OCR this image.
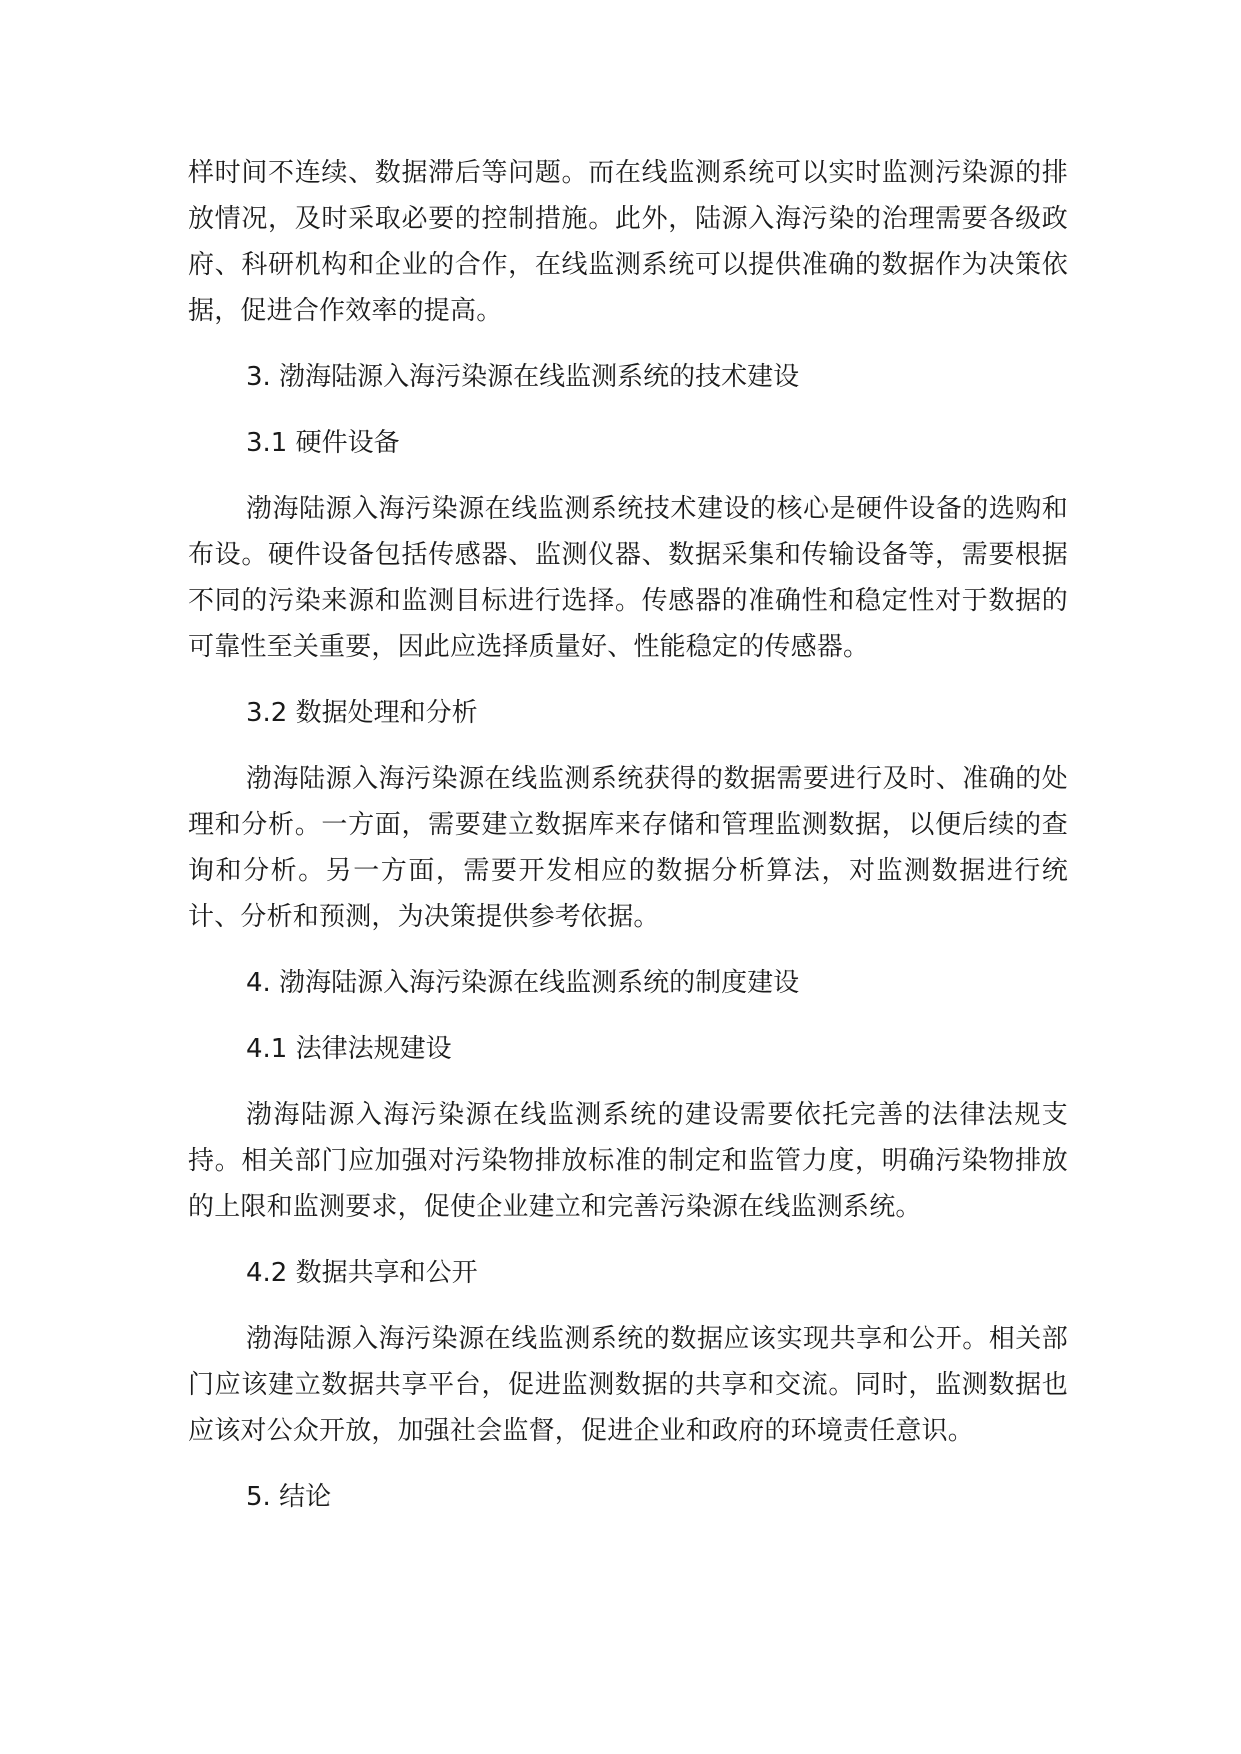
样时间不连续、数据滞后等问题。而在线监测系统可以实时监测污染源的排放情况，及时采取必要的控制措施。此外，陆源入海污染的治理需要各级政府、科研机构和企业的合作，在线监测系统可以提供准确的数据作为决策依据，促进合作效率的提高。

3. 渤海陆源入海污染源在线监测系统的技术建设
3.1 硬件设备

渤海陆源入海污染源在线监测系统技术建设的核心是硬件设备的选购和布设。硬件设备包括传感器、监测仪器、数据采集和传输设备等，需要根据不同的污染来源和监测目标进行选择。传感器的准确性和稳定性对于数据的可靠性至关重要，因此应选择质量好、性能稳定的传感器。

3.2 数据处理和分析

渤海陆源入海污染源在线监测系统获得的数据需要进行及时、准确的处理和分析。一方面，需要建立数据库来存储和管理监测数据，以便后续的查询和分析。另一方面，需要开发相应的数据分析算法，对监测数据进行统计、分析和预测，为决策提供参考依据。

4. 渤海陆源入海污染源在线监测系统的制度建设
4.1 法律法规建设

渤海陆源入海污染源在线监测系统的建设需要依托完善的法律法规支持。相关部门应加强对污染物排放标准的制定和监管力度，明确污染物排放的上限和监测要求，促使企业建立和完善污染源在线监测系统。

4.2 数据共享和公开

渤海陆源入海污染源在线监测系统的数据应该实现共享和公开。相关部门应该建立数据共享平台，促进监测数据的共享和交流。同时，监测数据也应该对公众开放，加强社会监督，促进企业和政府的环境责任意识。

5. 结论
